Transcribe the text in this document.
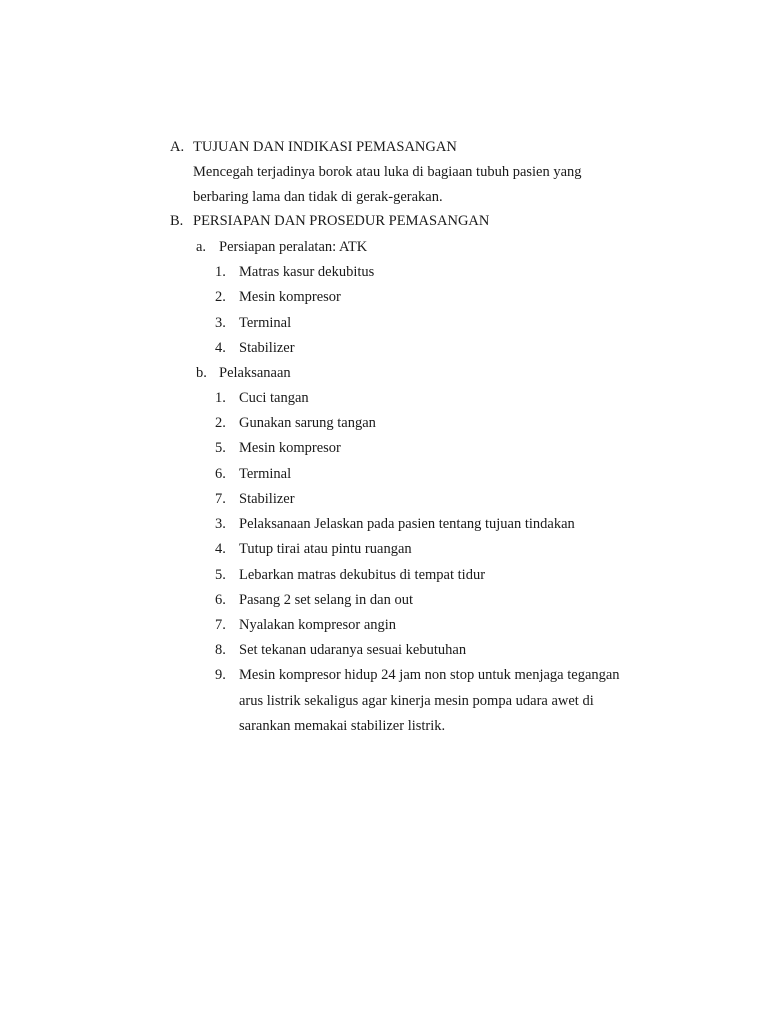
A. TUJUAN DAN INDIKASI PEMASANGAN
Mencegah terjadinya borok atau luka di bagiaan tubuh pasien yang
berbaring lama dan tidak di gerak-gerakan.
B. PERSIAPAN DAN PROSEDUR PEMASANGAN
a. Persiapan peralatan: ATK
1. Matras kasur dekubitus
2. Mesin kompresor
3. Terminal
4. Stabilizer
b. Pelaksanaan
1. Cuci tangan
2. Gunakan sarung tangan
5. Mesin kompresor
6. Terminal
7. Stabilizer
3. Pelaksanaan Jelaskan pada pasien tentang tujuan tindakan
4. Tutup tirai atau pintu ruangan
5. Lebarkan matras dekubitus di tempat tidur
6. Pasang 2 set selang in dan out
7. Nyalakan kompresor angin
8. Set tekanan udaranya sesuai kebutuhan
9. Mesin kompresor hidup 24 jam non stop untuk menjaga tegangan
arus listrik sekaligus agar kinerja mesin pompa udara awet di
sarankan memakai stabilizer listrik.
